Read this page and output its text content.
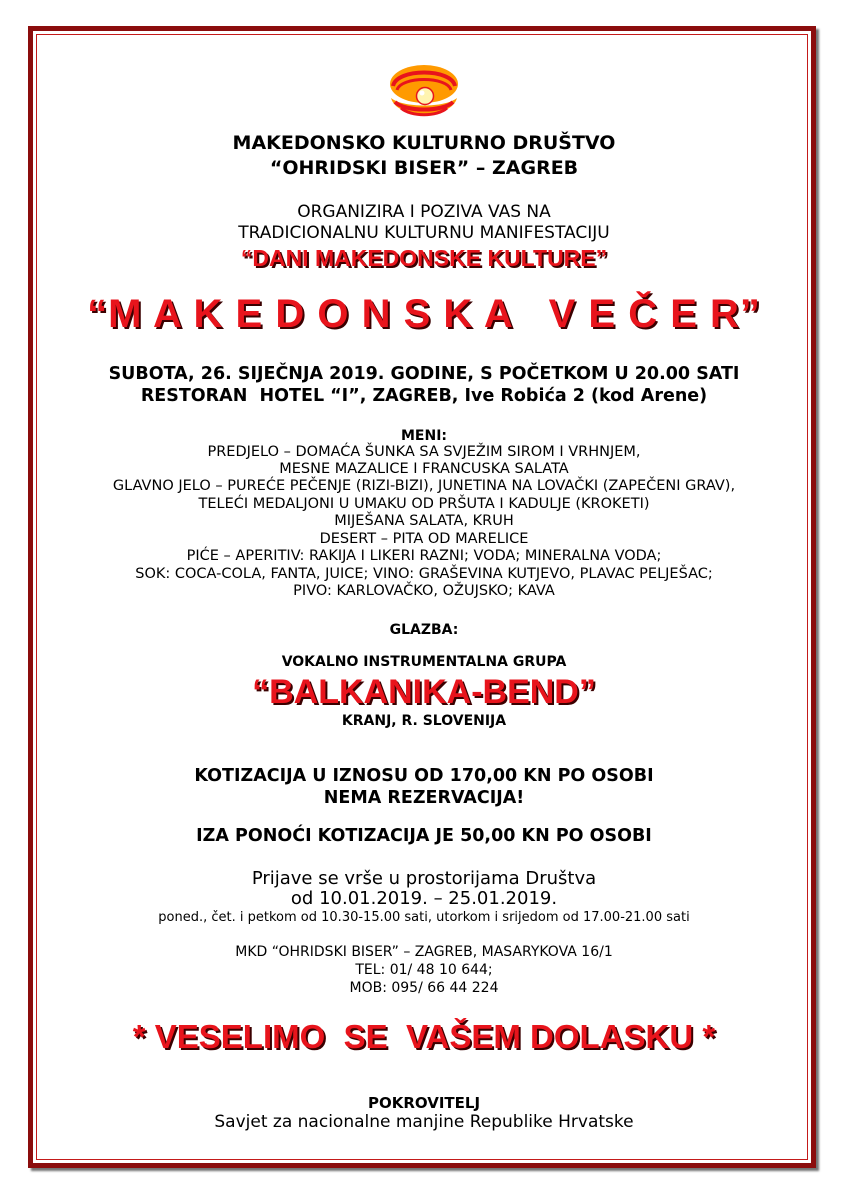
MAKEDONSKO KULTURNO DRUŠTVO
“OHRIDSKI BISER” – ZAGREB
ORGANIZIRA I POZIVA VAS NA
TRADICIONALNU KULTURNU MANIFESTACIJU
“DANI MAKEDONSKE KULTURE”
“M A K E D O N S K A   V E Č E R”
SUBOTA, 26. SIJEČNJA 2019. GODINE, S POČETKOM U 20.00 SATI
RESTORAN  HOTEL “I”, ZAGREB, Ive Robića 2 (kod Arene)
MENI:
PREDJELO – DOMAĆA ŠUNKA SA SVJEŽIM SIROM I VRHNJEM,
MESNE MAZALICE I FRANCUSKA SALATA
GLAVNO JELO – PUREĆE PEČENJE (RIZI-BIZI), JUNETINA NA LOVAČKI (ZAPEČENI GRAV),
TELEĆI MEDALJONI U UMAKU OD PRŠUTA I KADULJE (KROKETI)
MIJEŠANA SALATA, KRUH
DESERT – PITA OD MARELICE
PIĆE – APERITIV: RAKIJA I LIKERI RAZNI; VODA; MINERALNA VODA;
SOK: COCA-COLA, FANTA, JUICE; VINO: GRAŠEVINA KUTJEVO, PLAVAC PELJEŠAC;
PIVO: KARLOVAČKO, OŽUJSKO; KAVA
GLAZBA:
VOKALNO INSTRUMENTALNA GRUPA
“BALKANIKA-BEND”
KRANJ, R. SLOVENIJA
KOTIZACIJA U IZNOSU OD 170,00 KN PO OSOBI
NEMA REZERVACIJA!
IZA PONOĆI KOTIZACIJA JE 50,00 KN PO OSOBI
Prijave se vrše u prostorijama Društva
od 10.01.2019. – 25.01.2019.
poned., čet. i petkom od 10.30-15.00 sati, utorkom i srijedom od 17.00-21.00 sati
MKD “OHRIDSKI BISER” – ZAGREB, MASARYKOVA 16/1
TEL: 01/ 48 10 644;
MOB: 095/ 66 44 224
* VESELIMO  SE  VAŠEM DOLASKU *
POKROVITELJ
Savjet za nacionalne manjine Republike Hrvatske
